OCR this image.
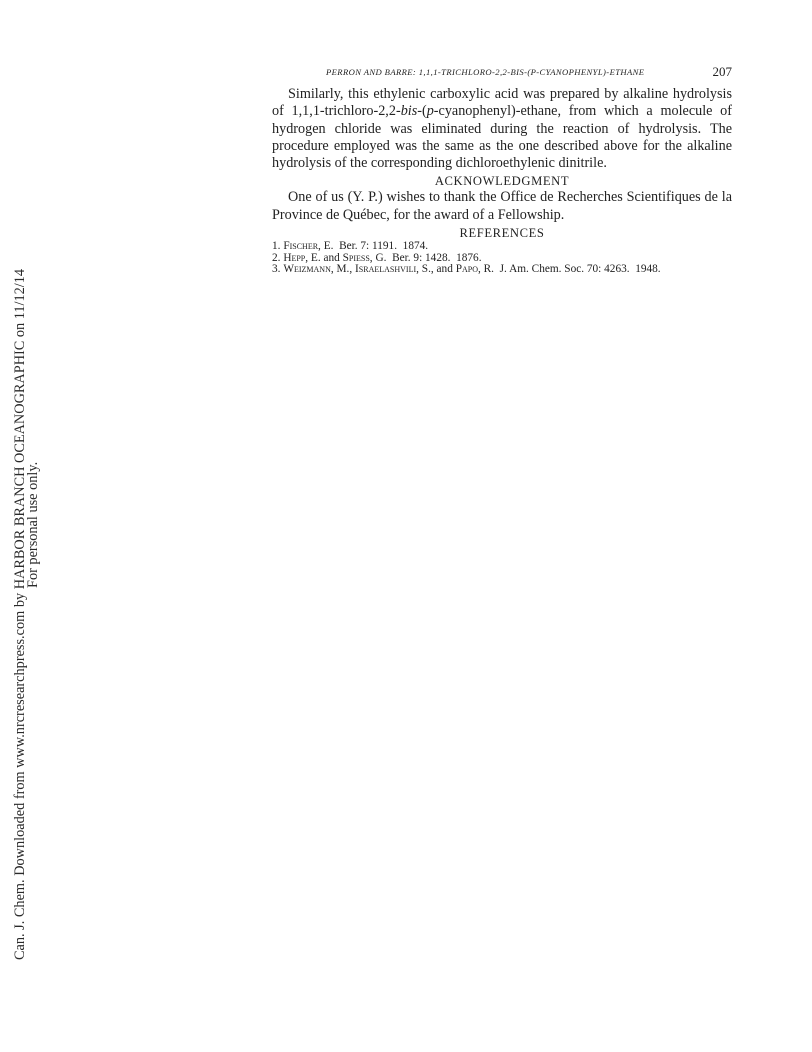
PERRON AND BARRE: 1,1,1-TRICHLORO-2,2-BIS-(P-CYANOPHENYL)-ETHANE	207

Similarly, this ethylenic carboxylic acid was prepared by alkaline hydrolysis of 1,1,1-trichloro-2,2-bis-(p-cyanophenyl)-ethane, from which a molecule of hydrogen chloride was eliminated during the reaction of hydrolysis. The procedure employed was the same as the one described above for the alkaline hydrolysis of the corresponding dichloroethylenic dinitrile.

ACKNOWLEDGMENT

One of us (Y. P.) wishes to thank the Office de Recherches Scientifiques de la Province de Québec, for the award of a Fellowship.

REFERENCES
1. Fischer, E.  Ber. 7: 1191.  1874.
2. Hepp, E. and Spiess, G.  Ber. 9: 1428.  1876.
3. Weizmann, M., Israelashvili, S., and Papo, R.  J. Am. Chem. Soc. 70: 4263.  1948.
Can. J. Chem. Downloaded from www.nrcresearchpress.com by HARBOR BRANCH OCEANOGRAPHIC on 11/12/14
For personal use only.
